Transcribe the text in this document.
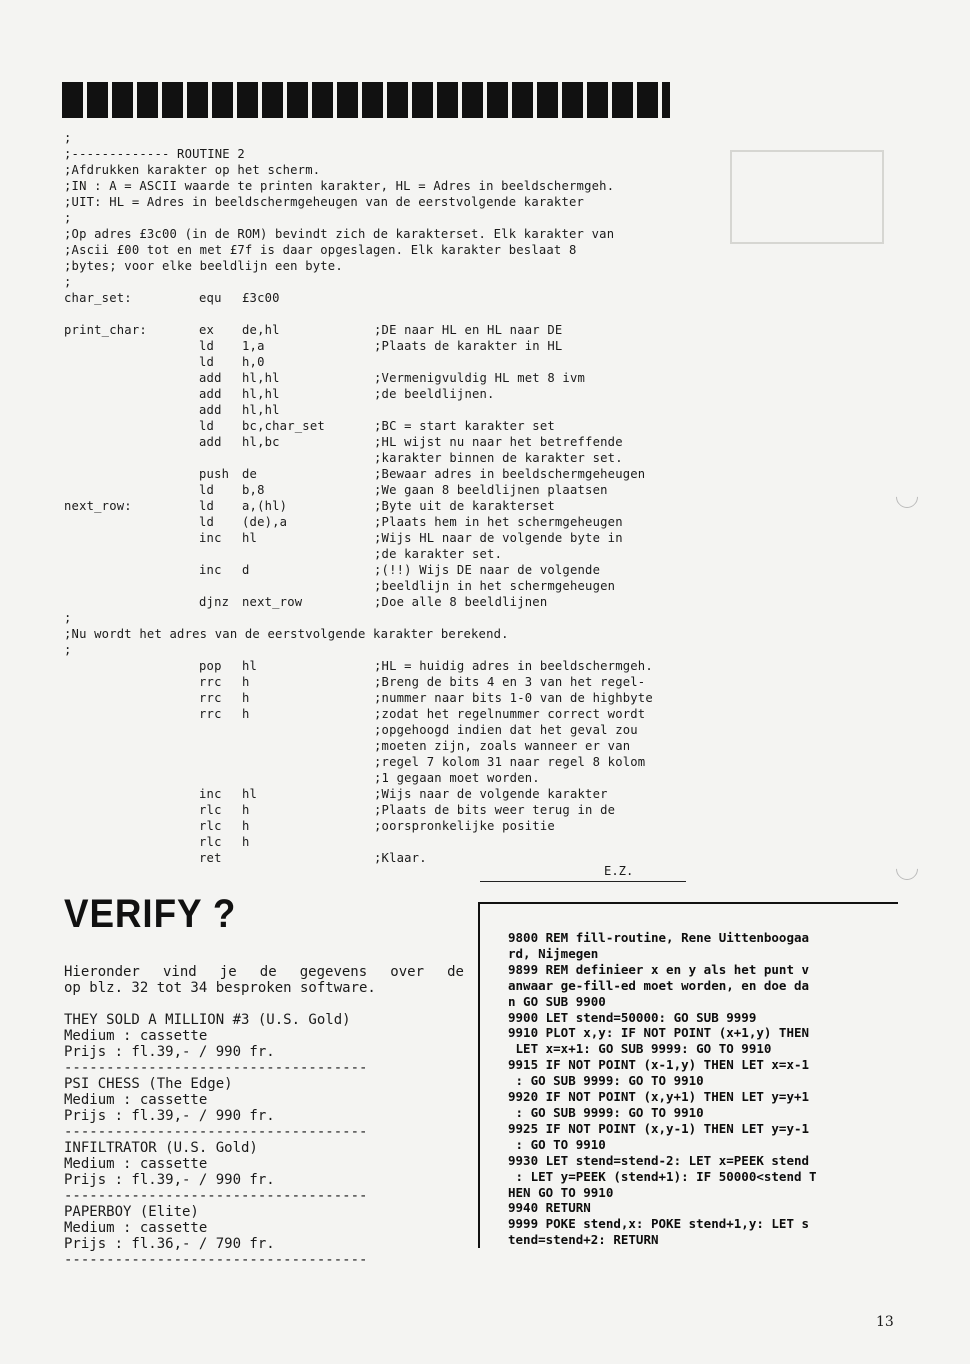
;
;------------- ROUTINE 2
;Afdrukken karakter op het scherm.
;IN : A = ASCII waarde te printen karakter, HL = Adres in beeldschermgeh.
;UIT: HL = Adres in beeldschermgeheugen van de eerstvolgende karakter
;
;Op adres £3c00 (in de ROM) bevindt zich de karakterset. Elk karakter van
;Ascii £00 tot en met £7f is daar opgeslagen. Elk karakter beslaat 8
;bytes; voor elke beeldlijn een byte.
;
char_set:	equ £3c00
print_char:	ex de,hl	;DE naar HL en HL naar DE
ld 1,a	;Plaats de karakter in HL
ld h,0
add hl,hl	;Vermenigvuldig HL met 8 ivm
add hl,hl	;de beeldlijnen.
add hl,hl
ld bc,char_set	;BC = start karakter set
add hl,bc	;HL wijst nu naar het betreffende
;karakter binnen de karakter set.
push de	;Bewaar adres in beeldschermgeheugen
ld b,8	;We gaan 8 beeldlijnen plaatsen
next_row:	ld a,(hl)	;Byte uit de karakterset
ld (de),a	;Plaats hem in het schermgeheugen
inc hl	;Wijs HL naar de volgende byte in
;de karakter set.
inc d	;(!!) Wijs DE naar de volgende
;beeldlijn in het schermgeheugen
djnz next_row	;Doe alle 8 beeldlijnen
;
;Nu wordt het adres van de eerstvolgende karakter berekend.
;
pop hl	;HL = huidig adres in beeldschermgeh.
rrc h	;Breng de bits 4 en 3 van het regel-
rrc h	;nummer naar bits 1-0 van de highbyte
rrc h	;zodat het regelnummer correct wordt
;opgehoogd indien dat het geval zou
;moeten zijn, zoals wanneer er van
;regel 7 kolom 31 naar regel 8 kolom
;1 gegaan moet worden.
inc hl	;Wijs naar de volgende karakter
rlc h	;Plaats de bits weer terug in de
rlc h	;oorspronkelijke positie
rlc h
ret	;Klaar.
E.Z.
VERIFY ?
Hieronder vind je de gegevens over de
op blz. 32 tot 34 besproken software.
THEY SOLD A MILLION #3 (U.S. Gold)
Medium : cassette
Prijs : fl.39,- / 990 fr.
------------------------------------
PSI CHESS (The Edge)
Medium : cassette
Prijs : fl.39,- / 990 fr.
------------------------------------
INFILTRATOR (U.S. Gold)
Medium : cassette
Prijs : fl.39,- / 990 fr.
------------------------------------
PAPERBOY (Elite)
Medium : cassette
Prijs : fl.36,- / 790 fr.
------------------------------------
9800 REM fill-routine, Rene Uittenboogaa
rd, Nijmegen
9899 REM definieer x en y als het punt v
anwaar ge-fill-ed moet worden, en doe da
n GO SUB 9900
9900 LET stend=50000: GO SUB 9999
9910 PLOT x,y: IF NOT POINT (x+1,y) THEN
LET x=x+1: GO SUB 9999: GO TO 9910
9915 IF NOT POINT (x-1,y) THEN LET x=x-1
: GO SUB 9999: GO TO 9910
9920 IF NOT POINT (x,y+1) THEN LET y=y+1
: GO SUB 9999: GO TO 9910
9925 IF NOT POINT (x,y-1) THEN LET y=y-1
: GO TO 9910
9930 LET stend=stend-2: LET x=PEEK stend
: LET y=PEEK (stend+1): IF 50000<stend T
HEN GO TO 9910
9940 RETURN
9999 POKE stend,x: POKE stend+1,y: LET s
tend=stend+2: RETURN
13
